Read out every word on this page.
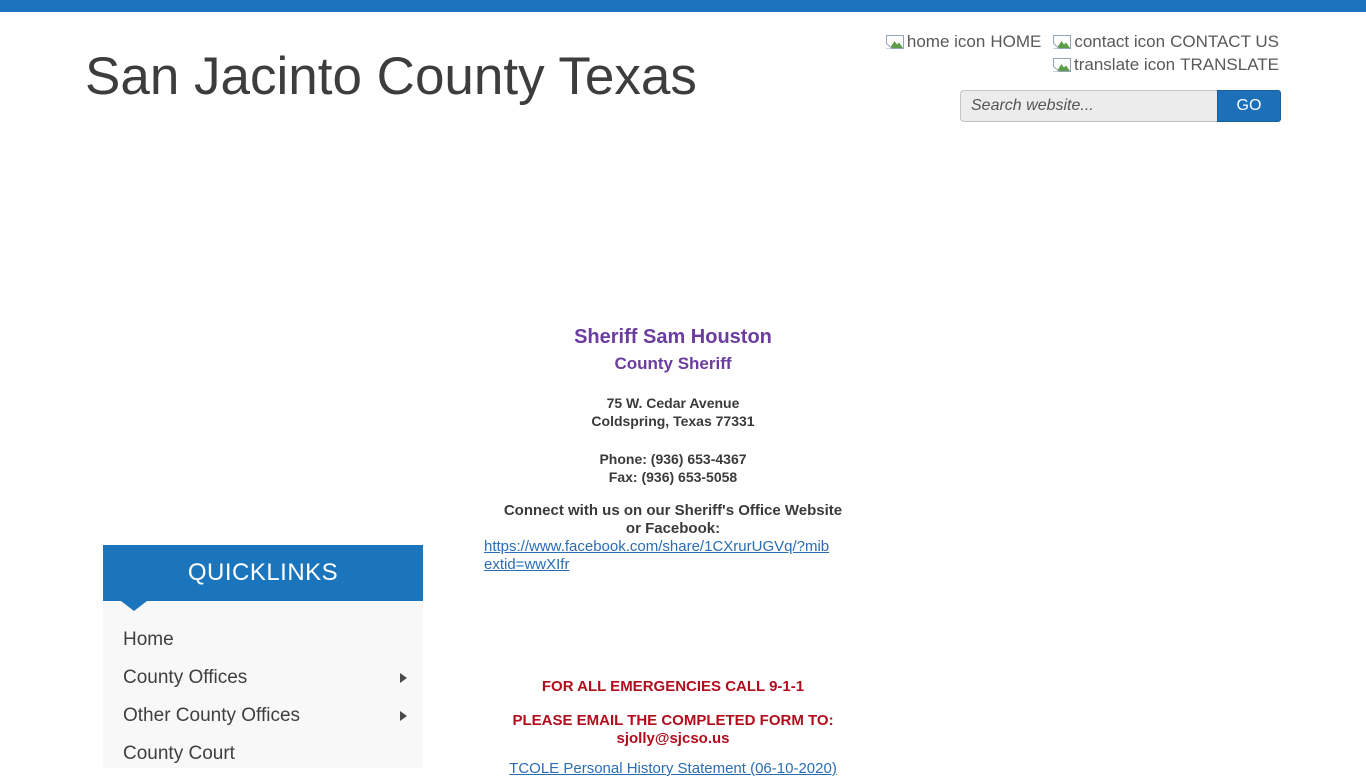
San Jacinto County Texas
home icon HOME contact icon CONTACT US
translate icon TRANSLATE
Search website...
GO
QUICKLINKS
Home
County Offices
Other County Offices
County Court
Sheriff Sam Houston
County Sheriff
75 W. Cedar Avenue
Coldspring, Texas 77331
Phone: (936) 653-4367
Fax: (936) 653-5058
Connect with us on our Sheriff's Office Website
or Facebook:
https://www.facebook.com/share/1CXrurUGVq/?mibextid=wwXIfr
FOR ALL EMERGENCIES CALL 9-1-1
PLEASE EMAIL THE COMPLETED FORM TO:
sjolly@sjcso.us
TCOLE Personal History Statement (06-10-2020)
